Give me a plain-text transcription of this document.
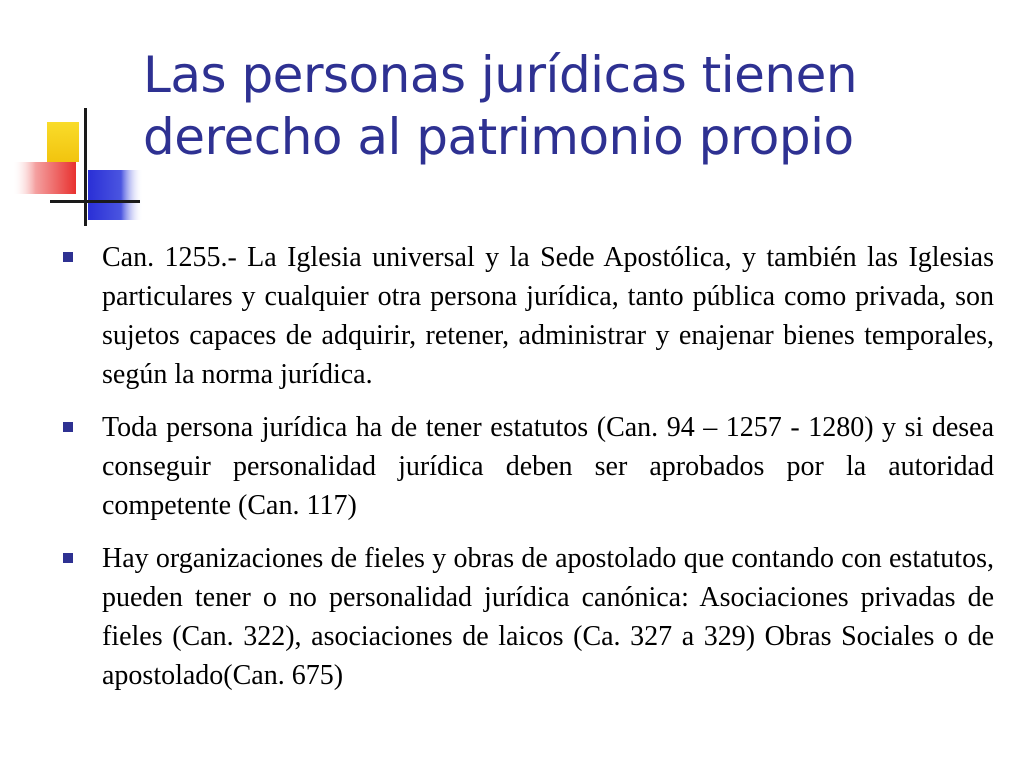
Las personas jurídicas tienen derecho al patrimonio propio
Can. 1255.- La Iglesia universal y la Sede Apostólica, y también las Iglesias particulares y cualquier otra persona jurídica, tanto pública como privada, son sujetos capaces de adquirir, retener, administrar y enajenar bienes temporales, según la norma jurídica.
Toda persona jurídica ha de tener estatutos (Can. 94 – 1257 - 1280) y si desea conseguir personalidad jurídica deben ser aprobados por la autoridad competente (Can. 117)
Hay organizaciones de fieles y obras de apostolado que contando con estatutos, pueden tener o no personalidad jurídica canónica: Asociaciones privadas de fieles (Can. 322), asociaciones de laicos (Ca. 327 a 329) Obras Sociales o de apostolado(Can. 675)
